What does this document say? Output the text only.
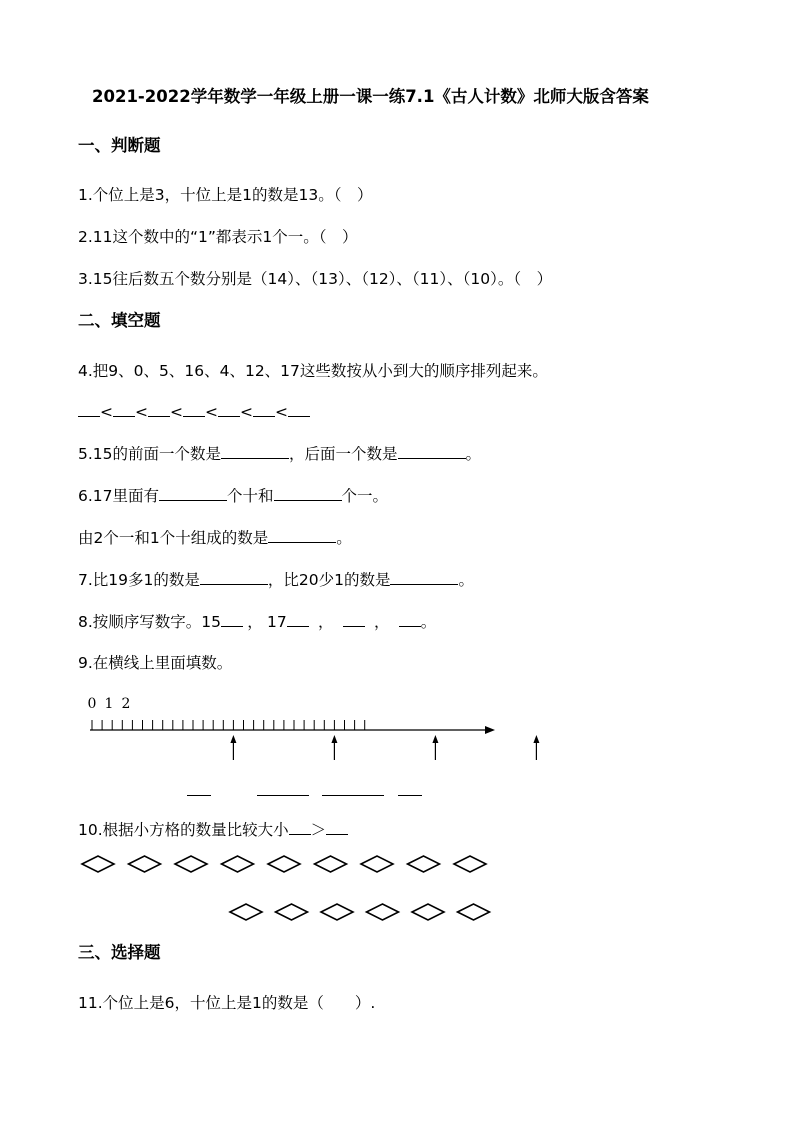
2021-2022学年数学一年级上册一课一练7.1《古人计数》北师大版含答案
一、判断题
1.个位上是3，十位上是1的数是13。（　）
2.11这个数中的“1”都表示1个一。（　）
3.15往后数五个数分别是（14）、（13）、（12）、（11）、（10）。（　）
二、填空题
4.把9、0、5、16、4、12、17这些数按从小到大的顺序排列起来。
< < < < < <
5.15的前面一个数是	，后面一个数是	。
6.17里面有	个十和	个一。
由2个一和1个十组成的数是	。
7.比19多1的数是	，比20少1的数是	。
8.按顺序写数字。15 ， 17 ，	， 。
9.在横线上里面填数。
0 1 2
10.根据小方格的数量比较大小 ＞
三、选择题
11.个位上是6，十位上是1的数是（　　）.
